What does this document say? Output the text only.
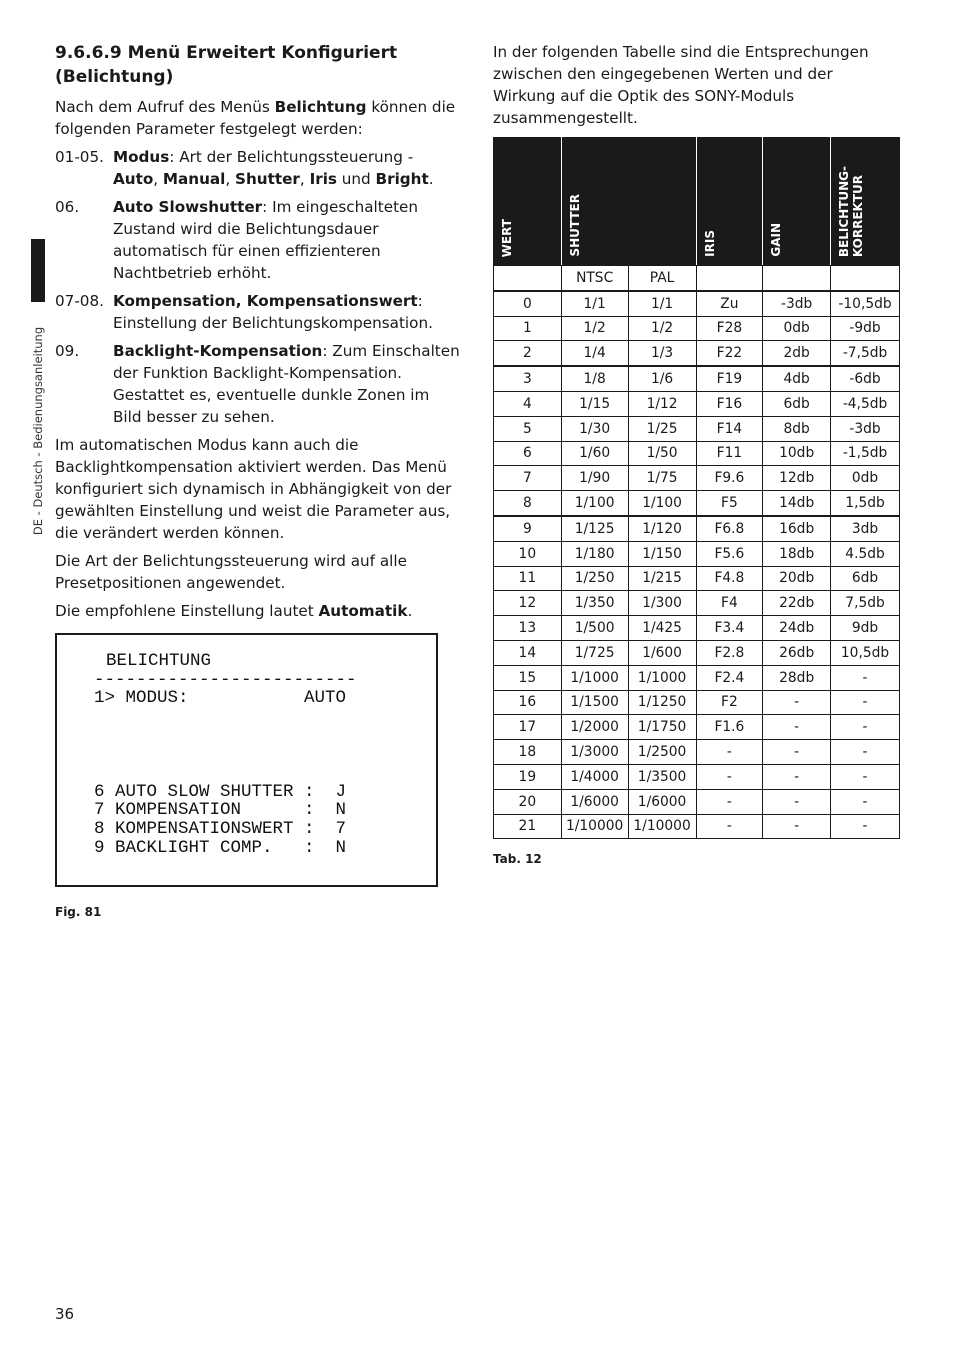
DE - Deutsch - Bedienungsanleitung
9.6.6.9 Menü Erweitert Konfiguriert (Belichtung)

Nach dem Aufruf des Menüs Belichtung können die folgenden Parameter festgelegt werden:

01-05. Modus: Art der Belichtungssteuerung - Auto, Manual, Shutter, Iris und Bright.
06.	Auto Slowshutter: Im eingeschalteten Zustand wird die Belichtungsdauer automatisch für einen effizienteren Nachtbetrieb erhöht.
07-08. Kompensation, Kompensationswert: Einstellung der Belichtungskompensation.
09.	Backlight-Kompensation: Zum Einschalten der Funktion Backlight-Kompensation. Gestattet es, eventuelle dunkle Zonen im Bild besser zu sehen.

Im automatischen Modus kann auch die Backlightkompensation aktiviert werden. Das Menü konfiguriert sich dynamisch in Abhängigkeit von der gewählten Einstellung und weist die Parameter aus, die verändert werden können.

Die Art der Belichtungssteuerung wird auf alle Presetpositionen angewendet.

Die empfohlene Einstellung lautet Automatik.

BELICHTUNG
-------------------------
1> MODUS:           AUTO
6 AUTO SLOW SHUTTER :  J
7 KOMPENSATION      :  N
8 KOMPENSATIONSWERT :  7
9 BACKLIGHT COMP.   :  N
Fig. 81

In der folgenden Tabelle sind die Entsprechungen zwischen den eingegebenen Werten und der Wirkung auf die Optik des SONY-Moduls zusammengestellt.

WERT	SHUTTER		IRIS	GAIN	BELICHTUNG-
KORREKTUR

	NTSC	PAL			
0	1/1	1/1	Zu	-3db	-10,5db
1	1/2	1/2	F28	0db	-9db
2	1/4	1/3	F22	2db	-7,5db
3	1/8	1/6	F19	4db	-6db
4	1/15	1/12	F16	6db	-4,5db
5	1/30	1/25	F14	8db	-3db
6	1/60	1/50	F11	10db	-1,5db
7	1/90	1/75	F9.6	12db	0db
8	1/100	1/100	F5	14db	1,5db
9	1/125	1/120	F6.8	16db	3db
10	1/180	1/150	F5.6	18db	4.5db
11	1/250	1/215	F4.8	20db	6db
12	1/350	1/300	F4	22db	7,5db
13	1/500	1/425	F3.4	24db	9db
14	1/725	1/600	F2.8	26db	10,5db
15	1/1000	1/1000	F2.4	28db	-
16	1/1500	1/1250	F2	-	-
17	1/2000	1/1750	F1.6	-	-
18	1/3000	1/2500	-	-	-
19	1/4000	1/3500	-	-	-
20	1/6000	1/6000	-	-	-
21	1/10000	1/10000	-	-	-
Tab. 12
36
